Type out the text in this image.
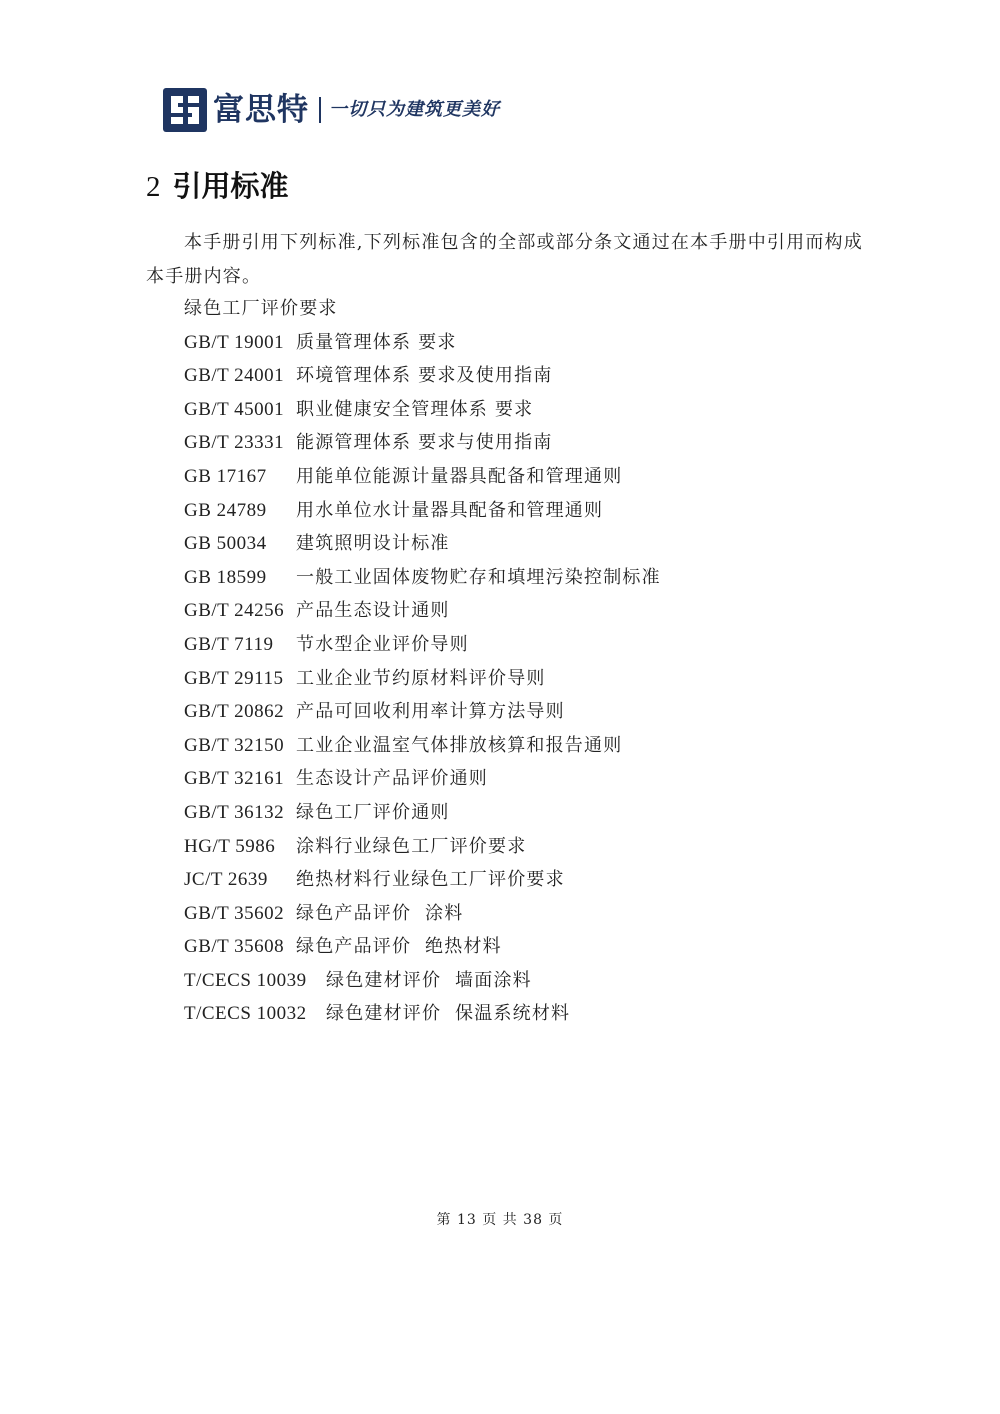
富思特 一切只为建筑更美好
2 引用标准

本手册引用下列标准,下列标准包含的全部或部分条文通过在本手册中引用而构成本手册内容。

绿色工厂评价要求
GB/T 19001 质量管理体系 要求
GB/T 24001 环境管理体系 要求及使用指南
GB/T 45001 职业健康安全管理体系 要求
GB/T 23331 能源管理体系 要求与使用指南
GB 17167	用能单位能源计量器具配备和管理通则
GB 24789	用水单位水计量器具配备和管理通则
GB 50034	建筑照明设计标准
GB 18599	一般工业固体废物贮存和填埋污染控制标准
GB/T 24256 产品生态设计通则
GB/T 7119	节水型企业评价导则
GB/T 29115 工业企业节约原材料评价导则
GB/T 20862 产品可回收利用率计算方法导则
GB/T 32150 工业企业温室气体排放核算和报告通则
GB/T 32161 生态设计产品评价通则
GB/T 36132 绿色工厂评价通则
HG/T 5986	涂料行业绿色工厂评价要求
JC/T 2639	绝热材料行业绿色工厂评价要求
GB/T 35602 绿色产品评价  涂料
GB/T 35608 绿色产品评价  绝热材料
T/CECS 10039	绿色建材评价  墙面涂料
T/CECS 10032	绿色建材评价  保温系统材料
第 13 页 共 38 页
